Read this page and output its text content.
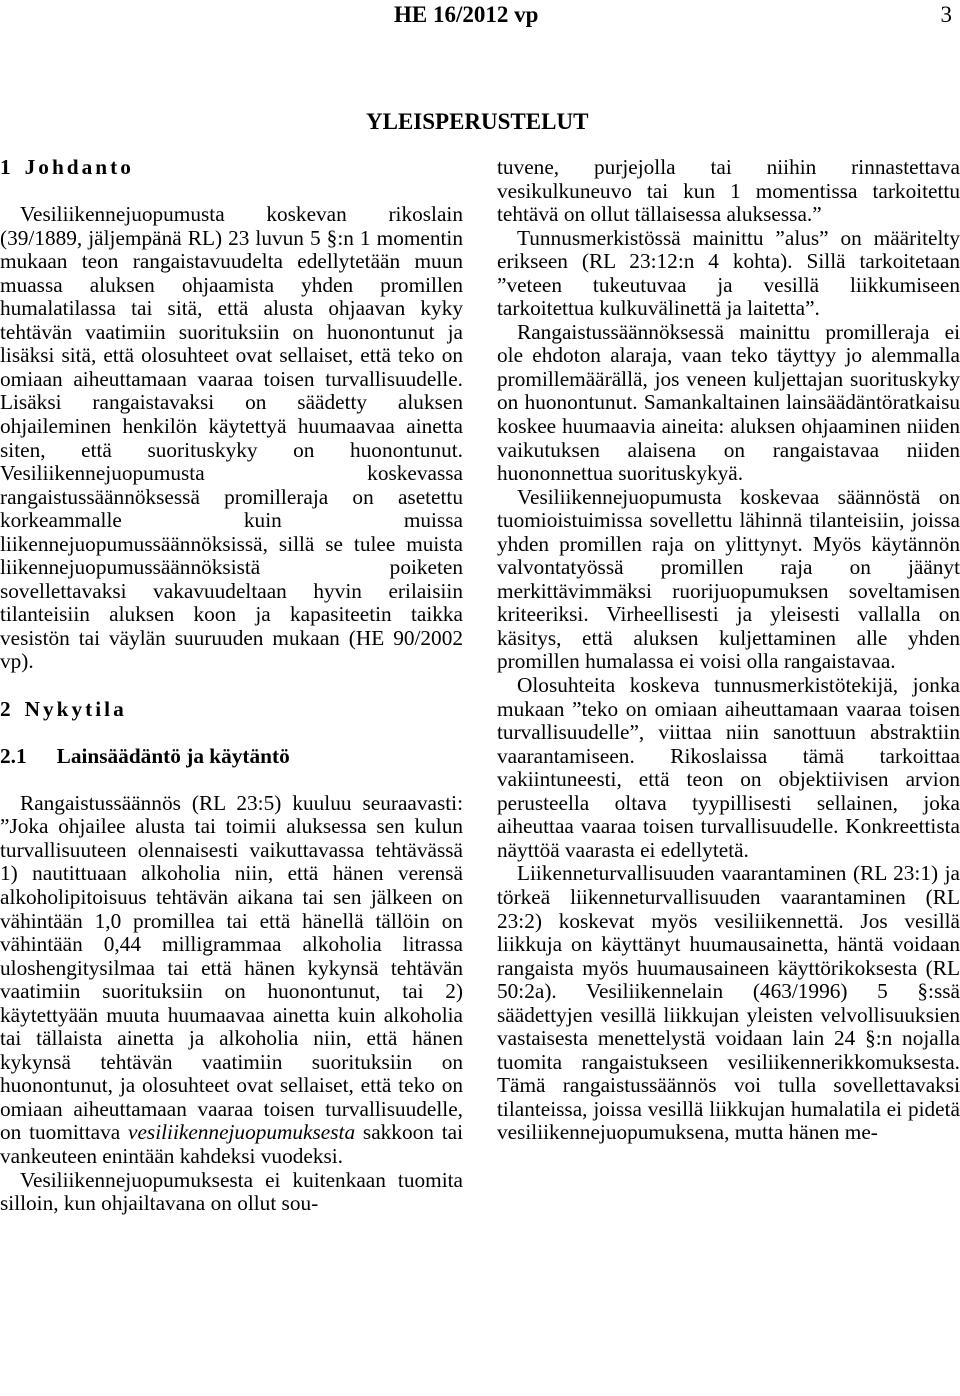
HE 16/2012 vp	3
YLEISPERUSTELUT
1 Johdanto

Vesiliikennejuopumusta koskevan rikoslain (39/1889, jäljempänä RL) 23 luvun 5 §:n 1 momentin mukaan teon rangaistavuudelta edellytetään muun muassa aluksen ohjaamista yhden promillen humalatilassa tai sitä, että alusta ohjaavan kyky tehtävän vaatimiin suorituksiin on huonontunut ja lisäksi sitä, että olosuhteet ovat sellaiset, että teko on omiaan aiheuttamaan vaaraa toisen turvallisuudelle. Lisäksi rangaistavaksi on säädetty aluksen ohjaileminen henkilön käytettyä huumaavaa ainetta siten, että suorituskyky on huonontunut. Vesiliikennejuopumusta koskevassa rangaistussäännöksessä promilleraja on asetettu korkeammalle kuin muissa liikennejuopumussäännöksissä, sillä se tulee muista liikennejuopumussäännöksistä poiketen sovellettavaksi vakavuudeltaan hyvin erilaisiin tilanteisiin aluksen koon ja kapasiteetin taikka vesistön tai väylän suuruuden mukaan (HE 90/2002 vp).

2 Nykytila
2.1 Lainsäädäntö ja käytäntö

Rangaistussäännös (RL 23:5) kuuluu seuraavasti: ”Joka ohjailee alusta tai toimii aluksessa sen kulun turvallisuuteen olennaisesti vaikuttavassa tehtävässä 1) nautittuaan alkoholia niin, että hänen verensä alkoholipitoisuus tehtävän aikana tai sen jälkeen on vähintään 1,0 promillea tai että hänellä tällöin on vähintään 0,44 milligrammaa alkoholia litrassa uloshengitysilmaa tai että hänen kykynsä tehtävän vaatimiin suorituksiin on huonontunut, tai 2) käytettyään muuta huumaavaa ainetta kuin alkoholia tai tällaista ainetta ja alkoholia niin, että hänen kykynsä tehtävän vaatimiin suorituksiin on huonontunut, ja olosuhteet ovat sellaiset, että teko on omiaan aiheuttamaan vaaraa toisen turvallisuudelle, on tuomittava vesiliikennejuopumuksesta sakkoon tai vankeuteen enintään kahdeksi vuodeksi.

Vesiliikennejuopumuksesta ei kuitenkaan tuomita silloin, kun ohjailtavana on ollut sou-

tuvene, purjejolla tai niihin rinnastettava vesikulkuneuvo tai kun 1 momentissa tarkoitettu tehtävä on ollut tällaisessa aluksessa.”

Tunnusmerkistössä mainittu ”alus” on määritelty erikseen (RL 23:12:n 4 kohta). Sillä tarkoitetaan ”veteen tukeutuvaa ja vesillä liikkumiseen tarkoitettua kulkuvälinettä ja laitetta”.

Rangaistussäännöksessä mainittu promilleraja ei ole ehdoton alaraja, vaan teko täyttyy jo alemmalla promillemäärällä, jos veneen kuljettajan suorituskyky on huonontunut. Samankaltainen lainsäädäntöratkaisu koskee huumaavia aineita: aluksen ohjaaminen niiden vaikutuksen alaisena on rangaistavaa niiden huononnettua suorituskykyä.

Vesiliikennejuopumusta koskevaa säännöstä on tuomioistuimissa sovellettu lähinnä tilanteisiin, joissa yhden promillen raja on ylittynyt. Myös käytännön valvontatyössä promillen raja on jäänyt merkittävimmäksi ruorijuopumuksen soveltamisen kriteeriksi. Virheellisesti ja yleisesti vallalla on käsitys, että aluksen kuljettaminen alle yhden promillen humalassa ei voisi olla rangaistavaa.

Olosuhteita koskeva tunnusmerkistötekijä, jonka mukaan ”teko on omiaan aiheuttamaan vaaraa toisen turvallisuudelle”, viittaa niin sanottuun abstraktiin vaarantamiseen. Rikoslaissa tämä tarkoittaa vakiintuneesti, että teon on objektiivisen arvion perusteella oltava tyypillisesti sellainen, joka aiheuttaa vaaraa toisen turvallisuudelle. Konkreettista näyttöä vaarasta ei edellytetä.

Liikenneturvallisuuden vaarantaminen (RL 23:1) ja törkeä liikenneturvallisuuden vaarantaminen (RL 23:2) koskevat myös vesiliikennettä. Jos vesillä liikkuja on käyttänyt huumausainetta, häntä voidaan rangaista myös huumausaineen käyttörikoksesta (RL 50:2a). Vesiliikennelain (463/1996) 5 §:ssä säädettyjen vesillä liikkujan yleisten velvollisuuksien vastaisesta menettelystä voidaan lain 24 §:n nojalla tuomita rangaistukseen vesiliikennerikkomuksesta. Tämä rangaistussäännös voi tulla sovellettavaksi tilanteissa, joissa vesillä liikkujan humalatila ei pidetä vesiliikennejuopumuksena, mutta hänen me-
